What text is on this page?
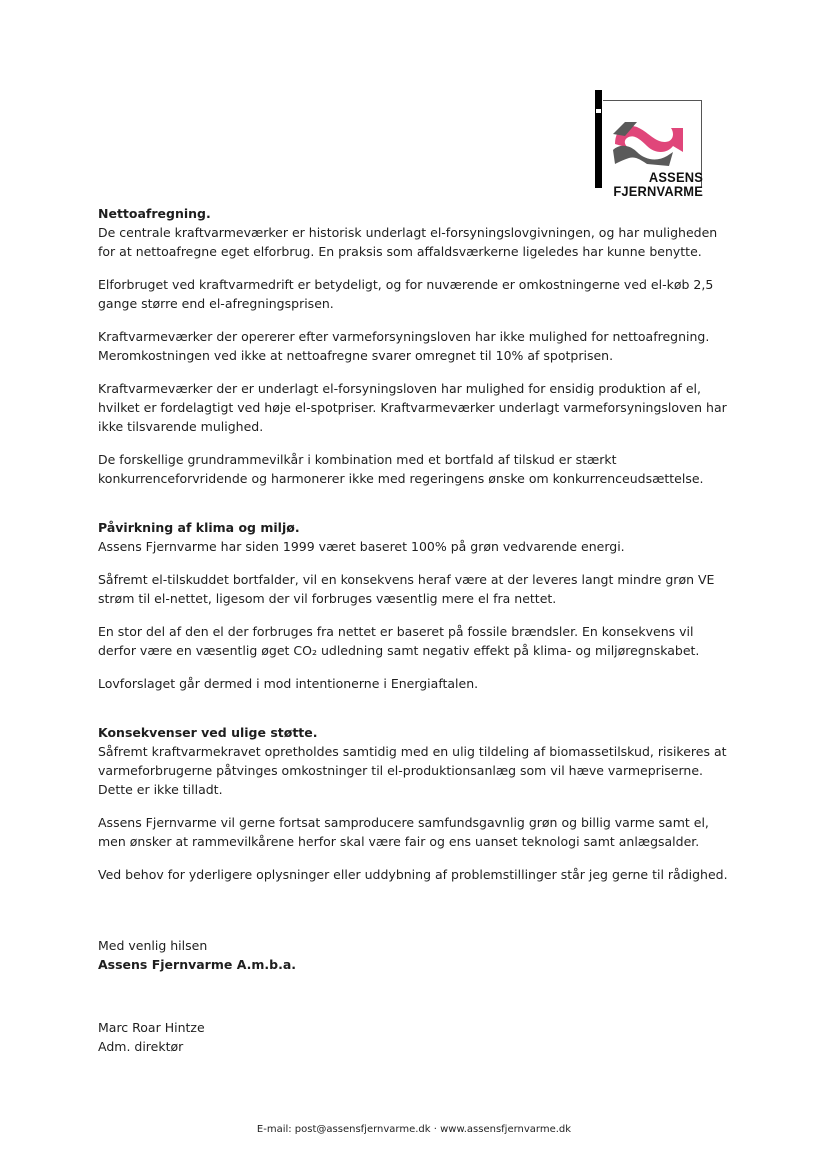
ASSENS
FJERNVARME

Nettoafregning.
De centrale kraftvarmeværker er historisk underlagt el-forsyningslovgivningen, og har muligheden for at nettoafregne eget elforbrug. En praksis som affaldsværkerne ligeledes har kunne benytte.

Elforbruget ved kraftvarmedrift er betydeligt, og for nuværende er omkostningerne ved el-køb 2,5 gange større end el-afregningsprisen.

Kraftvarmeværker der opererer efter varmeforsyningsloven har ikke mulighed for nettoafregning. Meromkostningen ved ikke at nettoafregne svarer omregnet til 10% af spotprisen.

Kraftvarmeværker der er underlagt el-forsyningsloven har mulighed for ensidig produktion af el, hvilket er fordelagtigt ved høje el-spotpriser. Kraftvarmeværker underlagt varmeforsyningsloven har ikke tilsvarende mulighed.

De forskellige grundrammevilkår i kombination med et bortfald af tilskud er stærkt konkurrenceforvridende og harmonerer ikke med regeringens ønske om konkurrenceudsættelse.

Påvirkning af klima og miljø.
Assens Fjernvarme har siden 1999 været baseret 100% på grøn vedvarende energi.

Såfremt el-tilskuddet bortfalder, vil en konsekvens heraf være at der leveres langt mindre grøn VE strøm til el-nettet, ligesom der vil forbruges væsentlig mere el fra nettet.

En stor del af den el der forbruges fra nettet er baseret på fossile brændsler. En konsekvens vil derfor være en væsentlig øget CO₂ udledning samt negativ effekt på klima- og miljøregnskabet.

Lovforslaget går dermed i mod intentionerne i Energiaftalen.

Konsekvenser ved ulige støtte.
Såfremt kraftvarmekravet opretholdes samtidig med en ulig tildeling af biomassetilskud, risikeres at varmeforbrugerne påtvinges omkostninger til el-produktionsanlæg som vil hæve varmepriserne. Dette er ikke tilladt.

Assens Fjernvarme vil gerne fortsat samproducere samfundsgavnlig grøn og billig varme samt el, men ønsker at rammevilkårene herfor skal være fair og ens uanset teknologi samt anlægsalder.

Ved behov for yderligere oplysninger eller uddybning af problemstillinger står jeg gerne til rådighed.

Med venlig hilsen
Assens Fjernvarme A.m.b.a.
Marc Roar Hintze
Adm. direktør
E-mail: post@assensfjernvarme.dk · www.assensfjernvarme.dk
